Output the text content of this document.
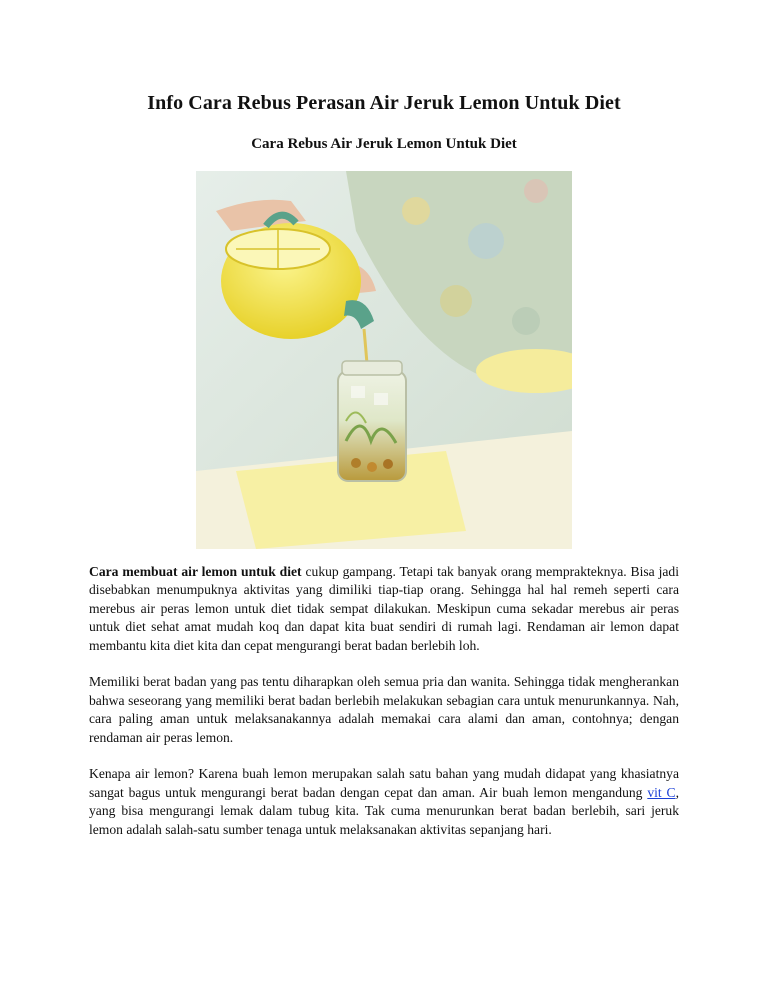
Info Cara Rebus Perasan Air Jeruk Lemon Untuk Diet
Cara Rebus Air Jeruk Lemon Untuk Diet

Cara membuat air lemon untuk diet cukup gampang. Tetapi tak banyak orang mempraktekny​a. Bisa jadi disebabkan menumpuknya aktivitas yang dimiliki tiap-tiap orang. Sehingga hal hal remeh seperti cara merebus air peras lemon untuk diet tidak sempat dilakukan. Meskipun cuma sekadar merebus air peras untuk diet sehat amat mudah koq dan dapat kita buat sendiri di rumah lagi. Rendaman air lemon dapat membantu kita diet kita dan cepat mengurangi berat badan berlebih loh.

Memiliki berat badan yang pas tentu diharapkan oleh semua pria dan wanita. Sehingga tidak mengherankan bahwa seseorang yang memiliki berat badan berlebih melakukan sebagian cara untuk menurunkannya. Nah, cara paling aman untuk melaksanakannya adalah memakai cara alami dan aman, contohnya; dengan rendaman air peras lemon.

Kenapa air lemon? Karena buah lemon merupakan salah satu bahan yang mudah didapat yang khasiatnya sangat bagus untuk mengurangi berat badan dengan cepat dan aman. Air buah lemon mengandung vit C, yang bisa mengurangi lemak dalam tubug kita. Tak cuma menurunkan berat badan berlebih, sari jeruk lemon adalah salah-satu sumber tenaga untuk melaksanakan aktivitas sepanjang hari.
